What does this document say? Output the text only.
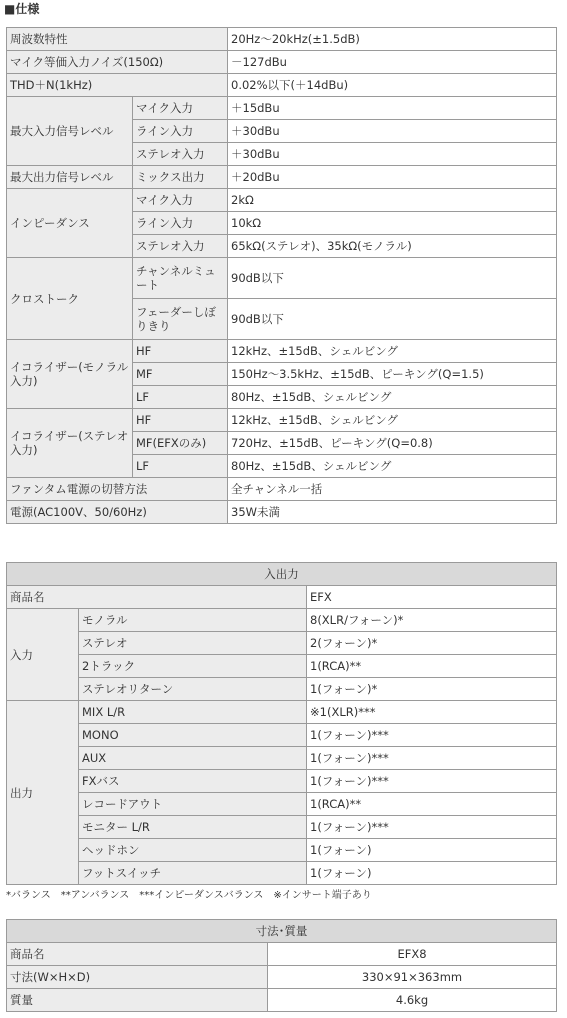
■仕様
周波数特性		20Hz～20kHz(±1.5dB)
マイク等価入力ノイズ(150Ω)		－127dBu
THD＋N(1kHz)		0.02%以下(＋14dBu)
最大入力信号レベル	マイク入力	＋15dBu
	ライン入力	＋30dBu
	ステレオ入力	＋30dBu
最大出力信号レベル	ミックス出力	＋20dBu
インピーダンス	マイク入力	2kΩ
	ライン入力	10kΩ
	ステレオ入力	65kΩ(ステレオ)、35kΩ(モノラル)
クロストーク	チャンネルミュート	90dB以下
	フェーダーしぼりきり	90dB以下
イコライザー(モノラル入力)	HF	12kHz、±15dB、シェルビング
	MF	150Hz～3.5kHz、±15dB、ピーキング(Q=1.5)
	LF	80Hz、±15dB、シェルビング
イコライザー(ステレオ入力)	HF	12kHz、±15dB、シェルビング
	MF(EFXのみ)	720Hz、±15dB、ピーキング(Q=0.8)
	LF	80Hz、±15dB、シェルビング
ファンタム電源の切替方法		全チャンネル一括
電源(AC100V、50/60Hz)		35W未満
入出力		
商品名		EFX
入力	モノラル	8(XLR/フォーン)*
	ステレオ	2(フォーン)*
	2トラック	1(RCA)**
	ステレオリターン	1(フォーン)*
出力	MIX L/R	※1(XLR)***
	MONO	1(フォーン)***
	AUX	1(フォーン)***
	FXバス	1(フォーン)***
	レコードアウト	1(RCA)**
	モニター L/R	1(フォーン)***
	ヘッドホン	1(フォーン)
	フットスイッチ	1(フォーン)
*バランス　**アンバランス　***インピーダンスバランス　※インサート端子あり
寸法･質量	
商品名	EFX8
寸法(W×H×D)	330×91×363mm
質量	4.6kg
